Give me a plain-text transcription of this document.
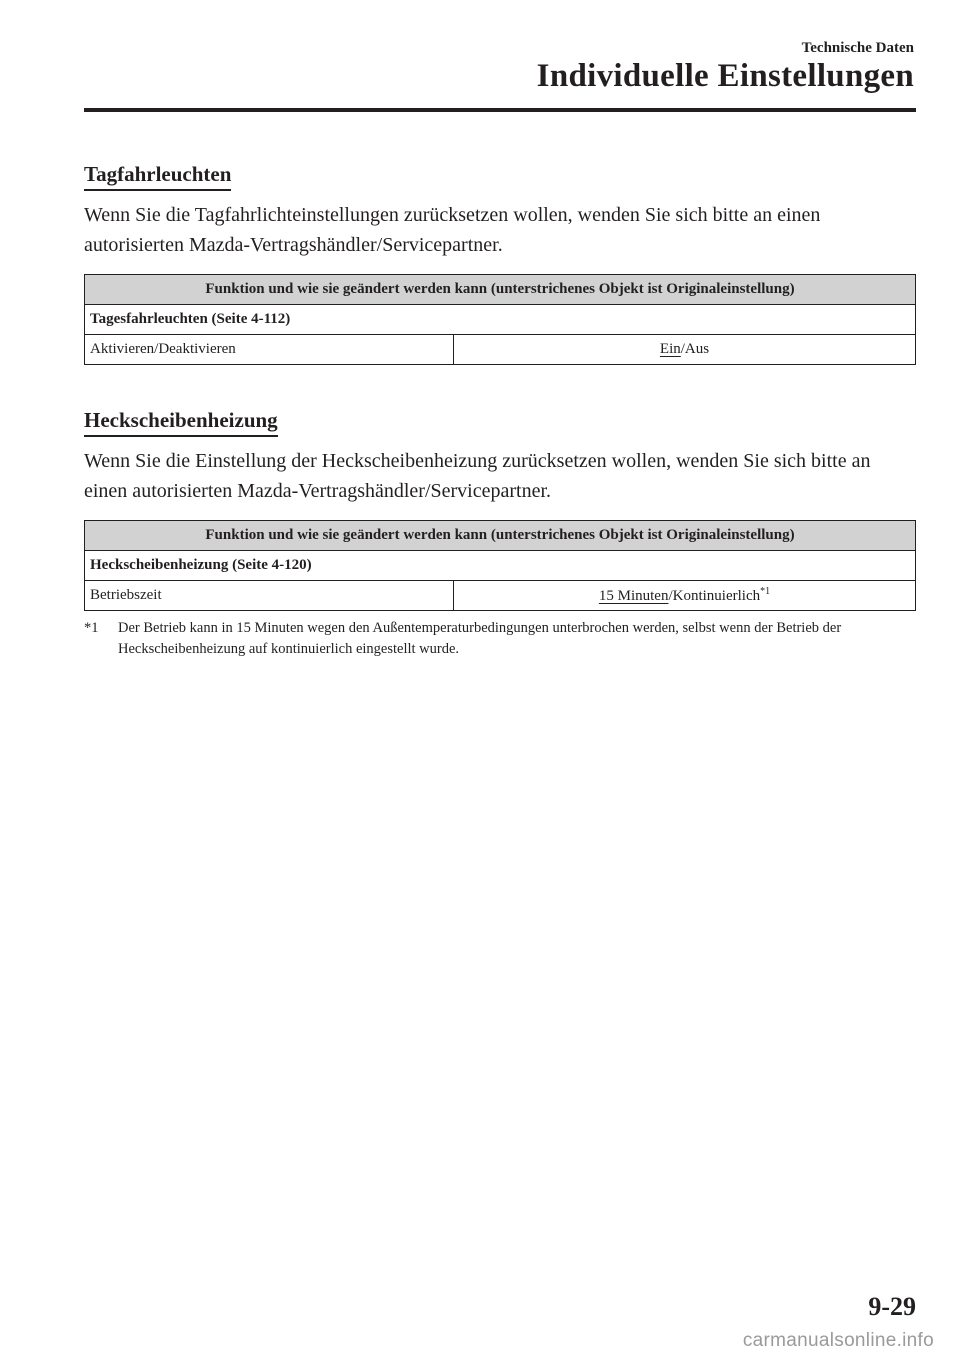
Technische Daten
Individuelle Einstellungen
Tagfahrleuchten

Wenn Sie die Tagfahrlichteinstellungen zurücksetzen wollen, wenden Sie sich bitte an einen autorisierten Mazda-Vertragshändler/Servicepartner.

Funktion und wie sie geändert werden kann (unterstrichenes Objekt ist Originaleinstellung)
Tagesfahrleuchten (Seite 4-112)
Aktivieren/Deaktivieren	Ein/Aus
Heckscheibenheizung

Wenn Sie die Einstellung der Heckscheibenheizung zurücksetzen wollen, wenden Sie sich bitte an einen autorisierten Mazda-Vertragshändler/Servicepartner.

Funktion und wie sie geändert werden kann (unterstrichenes Objekt ist Originaleinstellung)
Heckscheibenheizung (Seite 4-120)
Betriebszeit	15 Minuten/Kontinuierlich$^{*1}$
*1 Der Betrieb kann in 15 Minuten wegen den Außentemperaturbedingungen unterbrochen werden, selbst wenn der Betrieb der Heckscheibenheizung auf kontinuierlich eingestellt wurde.
9-29
carmanualsonline.info
